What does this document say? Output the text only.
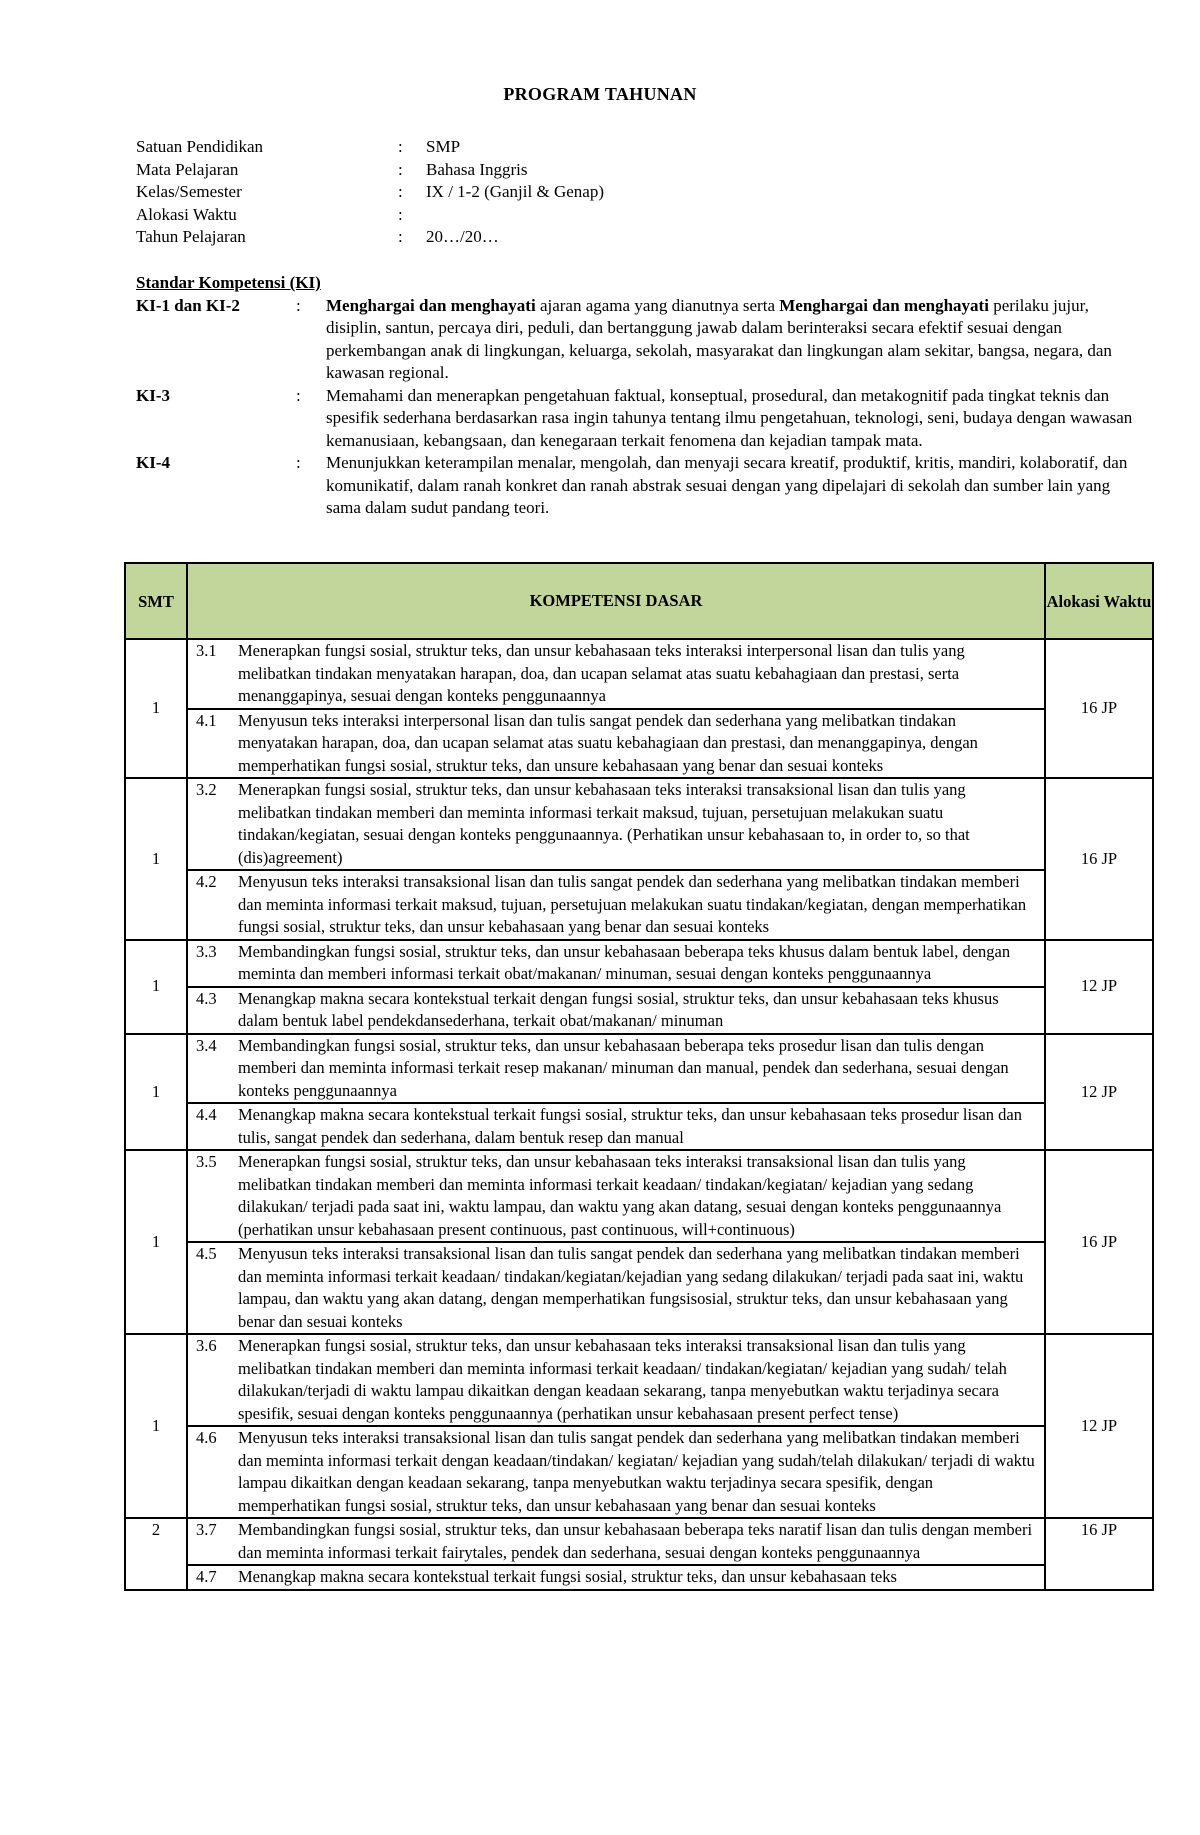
PROGRAM TAHUNAN
Satuan Pendidikan	:	SMP
Mata Pelajaran	:	Bahasa Inggris
Kelas/Semester	:	IX / 1-2 (Ganjil & Genap)
Alokasi Waktu	:
Tahun Pelajaran	:	20…/20…
Standar Kompetensi (KI)
KI-1 dan KI-2	:	Menghargai dan menghayati ajaran agama yang dianutnya serta Menghargai dan menghayati perilaku jujur, disiplin, santun, percaya diri, peduli, dan bertanggung jawab dalam berinteraksi secara efektif sesuai dengan perkembangan anak di lingkungan, keluarga, sekolah, masyarakat dan lingkungan alam sekitar, bangsa, negara, dan kawasan regional.
KI-3	:	Memahami dan menerapkan pengetahuan faktual, konseptual, prosedural, dan metakognitif pada tingkat teknis dan spesifik sederhana berdasarkan rasa ingin tahunya tentang ilmu pengetahuan, teknologi, seni, budaya dengan wawasan kemanusiaan, kebangsaan, dan kenegaraan terkait fenomena dan kejadian tampak mata.
KI-4	:	Menunjukkan keterampilan menalar, mengolah, dan menyaji secara kreatif, produktif, kritis, mandiri, kolaboratif, dan komunikatif, dalam ranah konkret dan ranah abstrak sesuai dengan yang dipelajari di sekolah dan sumber lain yang sama dalam sudut pandang teori.
SMT	KOMPETENSI DASAR	Alokasi Waktu
1	3.1 Menerapkan fungsi sosial, struktur teks, dan unsur kebahasaan teks interaksi interpersonal lisan dan tulis yang melibatkan tindakan menyatakan harapan, doa, dan ucapan selamat atas suatu kebahagiaan dan prestasi, serta menanggapinya, sesuai dengan konteks penggunaannya
4.1 Menyusun teks interaksi interpersonal lisan dan tulis sangat pendek dan sederhana yang melibatkan tindakan menyatakan harapan, doa, dan ucapan selamat atas suatu kebahagiaan dan prestasi, dan menanggapinya, dengan memperhatikan fungsi sosial, struktur teks, dan unsure kebahasaan yang benar dan sesuai konteks	16 JP
1	3.2 Menerapkan fungsi sosial, struktur teks, dan unsur kebahasaan teks interaksi transaksional lisan dan tulis yang melibatkan tindakan memberi dan meminta informasi terkait maksud, tujuan, persetujuan melakukan suatu tindakan/kegiatan, sesuai dengan konteks penggunaannya. (Perhatikan unsur kebahasaan to, in order to, so that (dis)agreement)
4.2 Menyusun teks interaksi transaksional lisan dan tulis sangat pendek dan sederhana yang melibatkan tindakan memberi dan meminta informasi terkait maksud, tujuan, persetujuan melakukan suatu tindakan/kegiatan, dengan memperhatikan fungsi sosial, struktur teks, dan unsur kebahasaan yang benar dan sesuai konteks	16 JP
1	3.3 Membandingkan fungsi sosial, struktur teks, dan unsur kebahasaan beberapa teks khusus dalam bentuk label, dengan meminta dan memberi informasi terkait obat/makanan/ minuman, sesuai dengan konteks penggunaannya
4.3 Menangkap makna secara kontekstual terkait dengan fungsi sosial, struktur teks, dan unsur kebahasaan teks khusus dalam bentuk label pendekdansederhana, terkait obat/makanan/ minuman	12 JP
1	3.4 Membandingkan fungsi sosial, struktur teks, dan unsur kebahasaan beberapa teks prosedur lisan dan tulis dengan memberi dan meminta informasi terkait resep makanan/ minuman dan manual, pendek dan sederhana, sesuai dengan konteks penggunaannya
4.4 Menangkap makna secara kontekstual terkait fungsi sosial, struktur teks, dan unsur kebahasaan teks prosedur lisan dan tulis, sangat pendek dan sederhana, dalam bentuk resep dan manual	12 JP
1	3.5 Menerapkan fungsi sosial, struktur teks, dan unsur kebahasaan teks interaksi transaksional lisan dan tulis yang melibatkan tindakan memberi dan meminta informasi terkait keadaan/ tindakan/kegiatan/ kejadian yang sedang dilakukan/ terjadi pada saat ini, waktu lampau, dan waktu yang akan datang, sesuai dengan konteks penggunaannya (perhatikan unsur kebahasaan present continuous, past continuous, will+continuous)
4.5 Menyusun teks interaksi transaksional lisan dan tulis sangat pendek dan sederhana yang melibatkan tindakan memberi dan meminta informasi terkait keadaan/ tindakan/kegiatan/kejadian yang sedang dilakukan/ terjadi pada saat ini, waktu lampau, dan waktu yang akan datang, dengan memperhatikan fungsisosial, struktur teks, dan unsur kebahasaan yang benar dan sesuai konteks	16 JP
1	3.6 Menerapkan fungsi sosial, struktur teks, dan unsur kebahasaan teks interaksi transaksional lisan dan tulis yang melibatkan tindakan memberi dan meminta informasi terkait keadaan/ tindakan/kegiatan/ kejadian yang sudah/ telah dilakukan/terjadi di waktu lampau dikaitkan dengan keadaan sekarang, tanpa menyebutkan waktu terjadinya secara spesifik, sesuai dengan konteks penggunaannya (perhatikan unsur kebahasaan present perfect tense)
4.6 Menyusun teks interaksi transaksional lisan dan tulis sangat pendek dan sederhana yang melibatkan tindakan memberi dan meminta informasi terkait dengan keadaan/tindakan/ kegiatan/ kejadian yang sudah/telah dilakukan/ terjadi di waktu lampau dikaitkan dengan keadaan sekarang, tanpa menyebutkan waktu terjadinya secara spesifik, dengan memperhatikan fungsi sosial, struktur teks, dan unsur kebahasaan yang benar dan sesuai konteks	12 JP
2	3.7 Membandingkan fungsi sosial, struktur teks, dan unsur kebahasaan beberapa teks naratif lisan dan tulis dengan memberi dan meminta informasi terkait fairytales, pendek dan sederhana, sesuai dengan konteks penggunaannya
4.7 Menangkap makna secara kontekstual terkait fungsi sosial, struktur teks, dan unsur kebahasaan teks	16 JP
